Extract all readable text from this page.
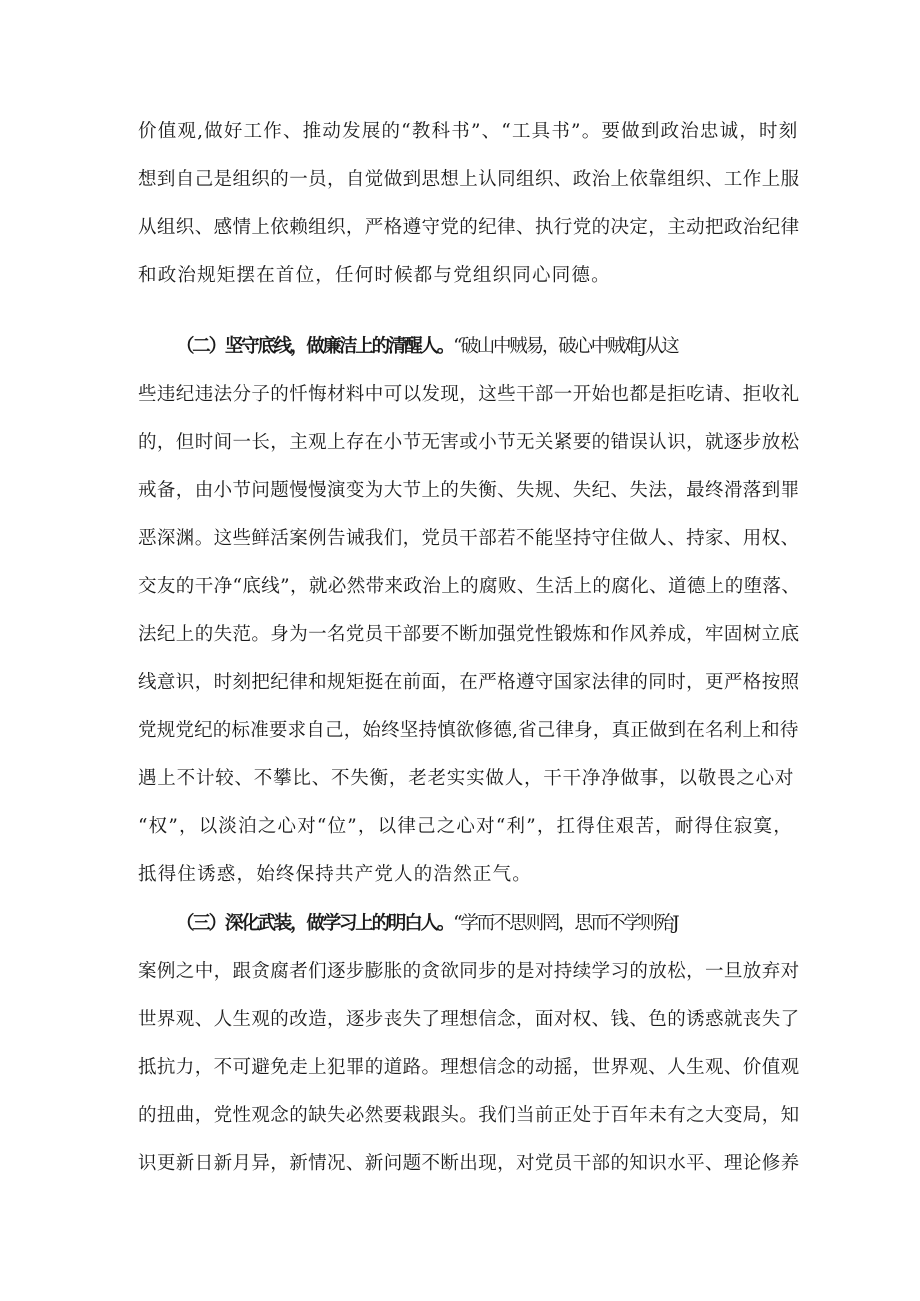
价值观,做好工作、推动发展的“教科书”、“工具书”。要做到政治忠诚，时刻
想到自己是组织的一员，自觉做到思想上认同组织、政治上依靠组织、工作上服
从组织、感情上依赖组织，严格遵守党的纪律、执行党的决定，主动把政治纪律
和政治规矩摆在首位，任何时候都与党组织同心同德。
（二）坚守底线，做廉洁上的清醒人。“破山中贼易，破心中贼难J从这
些违纪违法分子的忏悔材料中可以发现，这些干部一开始也都是拒吃请、拒收礼
的，但时间一长，主观上存在小节无害或小节无关紧要的错误认识，就逐步放松
戒备，由小节问题慢慢演变为大节上的失衡、失规、失纪、失法，最终滑落到罪
恶深渊。这些鲜活案例告诫我们，党员干部若不能坚持守住做人、持家、用权、
交友的干净“底线”，就必然带来政治上的腐败、生活上的腐化、道德上的堕落、
法纪上的失范。身为一名党员干部要不断加强党性锻炼和作风养成，牢固树立底
线意识，时刻把纪律和规矩挺在前面，在严格遵守国家法律的同时，更严格按照
党规党纪的标准要求自己，始终坚持慎欲修德,省己律身，真正做到在名利上和待
遇上不计较、不攀比、不失衡，老老实实做人，干干净净做事，以敬畏之心对
“权”，以淡泊之心对“位”，以律己之心对“利”，扛得住艰苦，耐得住寂寞，
抵得住诱惑，始终保持共产党人的浩然正气。
（三）深化武装，做学习上的明白人。“学而不思则罔，思而不学则殆J
案例之中，跟贪腐者们逐步膨胀的贪欲同步的是对持续学习的放松，一旦放弃对
世界观、人生观的改造，逐步丧失了理想信念，面对权、钱、色的诱惑就丧失了
抵抗力，不可避免走上犯罪的道路。理想信念的动摇，世界观、人生观、价值观
的扭曲，党性观念的缺失必然要栽跟头。我们当前正处于百年未有之大变局，知
识更新日新月异，新情况、新问题不断出现，对党员干部的知识水平、理论修养
